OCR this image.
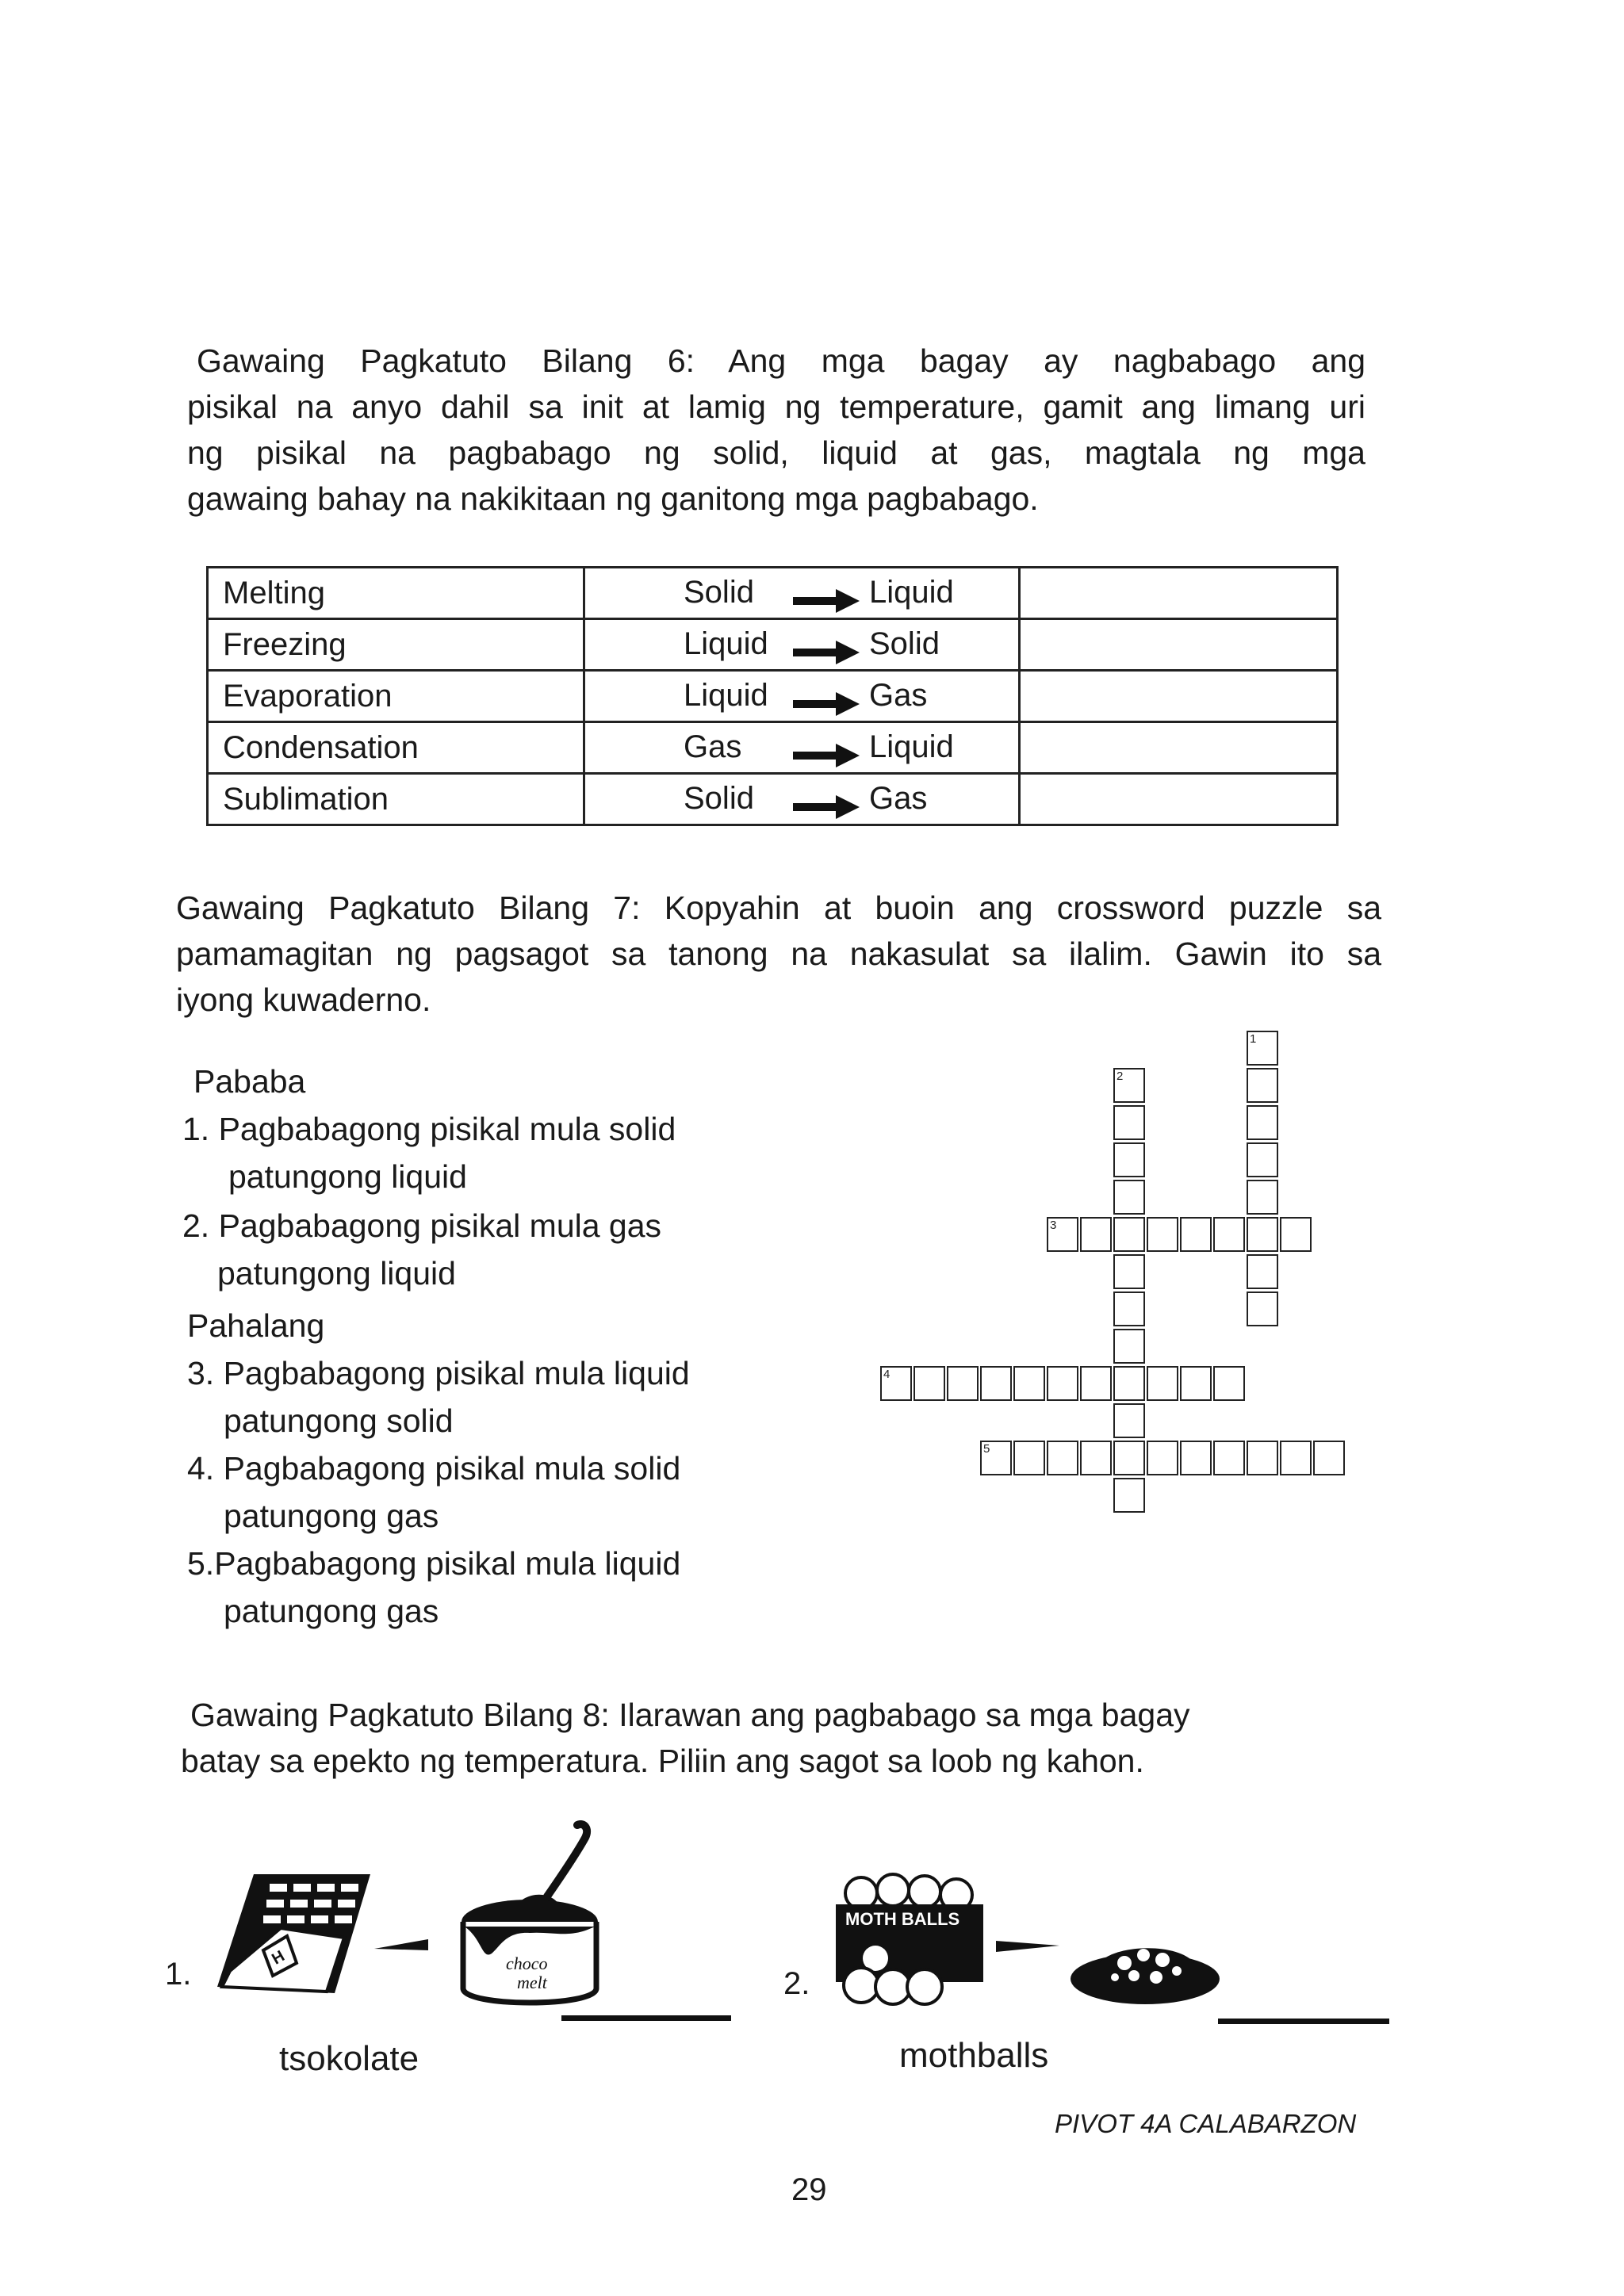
Gawaing Pagkatuto Bilang 6: Ang mga bagay ay nagbabago ang

pisikal na anyo dahil sa init at lamig ng temperature, gamit ang limang uri

ng pisikal na pagbabago ng solid, liquid at gas, magtala ng mga

gawaing bahay na nakikitaan ng ganitong mga pagbabago.

Melting	Solid Liquid	

Freezing	Liquid Solid	

Evaporation	Liquid Gas	

Condensation	Gas Liquid	

Sublimation	Solid Gas	

Gawaing Pagkatuto Bilang 7: Kopyahin at buoin ang crossword puzzle sa

pamamagitan ng pagsagot sa tanong na nakasulat sa ilalim. Gawin ito sa

iyong kuwaderno.

Pababa
1. Pagbabagong pisikal mula solid
patungong liquid
2. Pagbabagong pisikal mula gas
patungong liquid
Pahalang
3. Pagbabagong pisikal mula liquid
patungong solid
4. Pagbabagong pisikal mula solid
patungong gas
5.Pagbabagong pisikal mula liquid
patungong gas
1
2
3
4
5

Gawaing Pagkatuto Bilang 8: Ilarawan ang pagbabago sa mga bagay

batay sa epekto ng temperatura. Piliin ang sagot sa loob ng kahon.

1.	H	choco
melt
tsokolate
2.
MOTH BALLS
mothballs
PIVOT 4A CALABARZON
29
